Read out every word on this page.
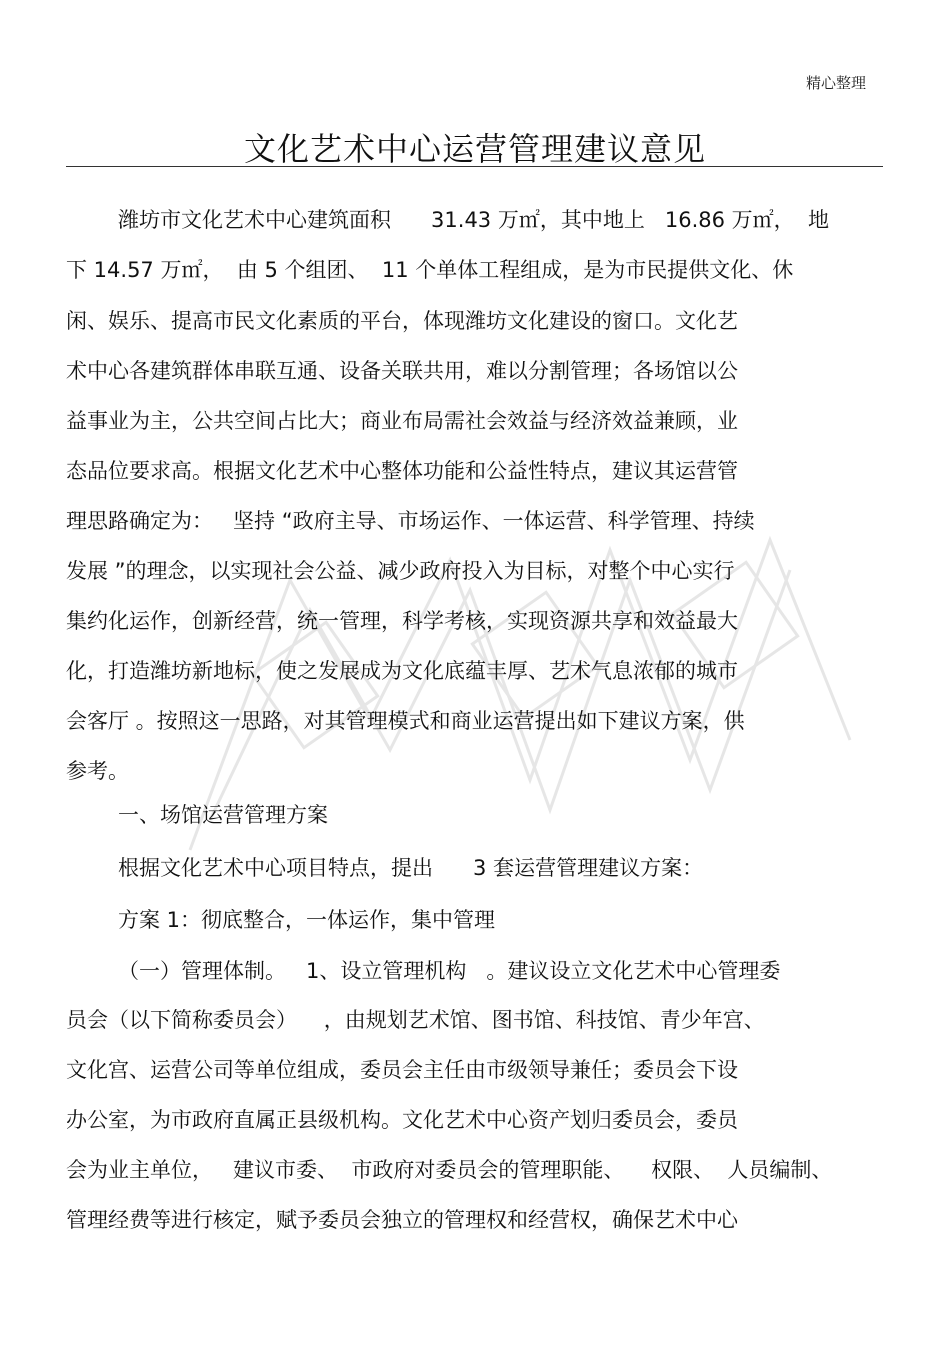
精心整理
文化艺术中心运营管理建议意见
潍坊市文化艺术中心建筑面积      31.43 万㎡，其中地上   16.86 万㎡，  地
下 14.57 万㎡，  由 5 个组团、  11 个单体工程组成，是为市民提供文化、休
闲、娱乐、提高市民文化素质的平台，体现潍坊文化建设的窗口。文化艺
术中心各建筑群体串联互通、设备关联共用，难以分割管理；各场馆以公
益事业为主，公共空间占比大；商业布局需社会效益与经济效益兼顾，业
态品位要求高。根据文化艺术中心整体功能和公益性特点，建议其运营管
理思路确定为：   坚持 “政府主导、市场运作、一体运营、科学管理、持续
发展 ”的理念，以实现社会公益、减少政府投入为目标，对整个中心实行
集约化运作，创新经营，统一管理，科学考核，实现资源共享和效益最大
化，打造潍坊新地标，使之发展成为文化底蕴丰厚、艺术气息浓郁的城市
会客厅 。按照这一思路，对其管理模式和商业运营提出如下建议方案，供
参考。
一、场馆运营管理方案
根据文化艺术中心项目特点，提出      3 套运营管理建议方案：
方案 1：彻底整合，一体运作，集中管理
（一）管理体制。   1、设立管理机构   。建议设立文化艺术中心管理委
员会（以下简称委员会）    ，由规划艺术馆、图书馆、科技馆、青少年宫、
文化宫、运营公司等单位组成，委员会主任由市级领导兼任；委员会下设
办公室，为市政府直属正县级机构。文化艺术中心资产划归委员会，委员
会为业主单位，   建议市委、  市政府对委员会的管理职能、    权限、  人员编制、
管理经费等进行核定，赋予委员会独立的管理权和经营权，确保艺术中心
